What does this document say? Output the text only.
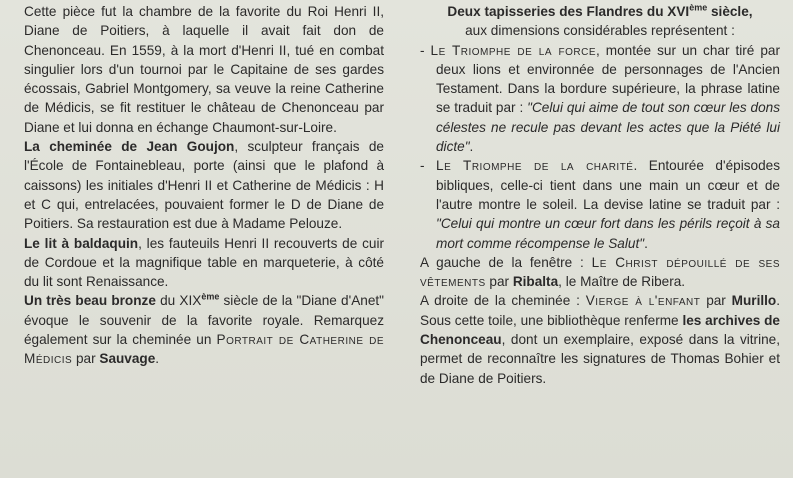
Cette pièce fut la chambre de la favorite du Roi Henri II, Diane de Poitiers, à laquelle il avait fait don de Chenonceau. En 1559, à la mort d'Henri II, tué en combat singulier lors d'un tournoi par le Capitaine de ses gardes écossais, Gabriel Montgomery, sa veuve la reine Catherine de Médicis, se fit restituer le château de Chenonceau par Diane et lui donna en échange Chaumont-sur-Loire.

La cheminée de Jean Goujon, sculpteur français de l'École de Fontainebleau, porte (ainsi que le plafond à caissons) les initiales d'Henri II et Catherine de Médicis : H et C qui, entrelacées, pouvaient former le D de Diane de Poitiers. Sa restauration est due à Madame Pelouze.

Le lit à baldaquin, les fauteuils Henri II recouverts de cuir de Cordoue et la magnifique table en marqueterie, à côté du lit sont Renaissance.

Un très beau bronze du XIXème siècle de la "Diane d'Anet" évoque le souvenir de la favorite royale. Remarquez également sur la cheminée un Portrait de Catherine de Médicis par Sauvage.

Deux tapisseries des Flandres du XVIème siècle,
aux dimensions considérables représentent :

- Le Triomphe de la force, montée sur un char tiré par deux lions et environnée de personnages de l'Ancien Testament. Dans la bordure supérieure, la phrase latine se traduit par : "Celui qui aime de tout son cœur les dons célestes ne recule pas devant les actes que la Piété lui dicte".

- Le Triomphe de la charité. Entourée d'épisodes bibliques, celle-ci tient dans une main un cœur et de l'autre montre le soleil. La devise latine se traduit par : "Celui qui montre un cœur fort dans les périls reçoit à sa mort comme récompense le Salut".

A gauche de la fenêtre : Le Christ dépouillé de ses vêtements par Ribalta, le Maître de Ribera.

A droite de la cheminée : Vierge à l'enfant par Murillo. Sous cette toile, une bibliothèque renferme les archives de Chenonceau, dont un exemplaire, exposé dans la vitrine, permet de reconnaître les signatures de Thomas Bohier et de Diane de Poitiers.
